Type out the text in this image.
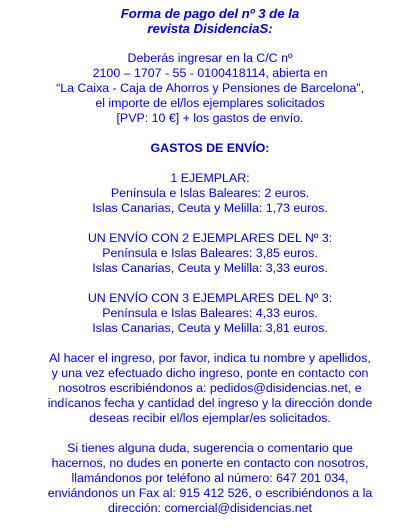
Forma de pago del nº 3 de la
revista DisidenciaS:
Deberás ingresar en la C/C nº
2100 – 1707 - 55 - 0100418114, abierta en
“La Caixa - Caja de Ahorros y Pensiones de Barcelona”,
el importe de el/los ejemplares solicitados
[PVP: 10 €] + los gastos de envío.
GASTOS DE ENVÍO:
1 EJEMPLAR:
Península e Islas Baleares: 2 euros.
Islas Canarias, Ceuta y Melilla: 1,73 euros.
UN ENVÍO CON 2 EJEMPLARES DEL Nº 3:
Península e Islas Baleares: 3,85 euros.
Islas Canarias, Ceuta y Melilla: 3,33 euros.
UN ENVÍO CON 3 EJEMPLARES DEL Nº 3:
Península e Islas Baleares: 4,33 euros.
Islas Canarias, Ceuta y Melilla: 3,81 euros.
Al hacer el ingreso, por favor, indica tu nombre y apellidos,
y una vez efectuado dicho ingreso, ponte en contacto con
nosotros escribiéndonos a: pedidos@disidencias.net, e
indícanos fecha y cantidad del ingreso y la dirección donde
deseas recibir el/los ejemplar/es solicitados.
Si tienes alguna duda, sugerencia o comentario que
hacernos, no dudes en ponerte en contacto con nosotros,
llamándonos por teléfono al número: 647 201 034,
enviándonos un Fax al: 915 412 526, o escribiéndonos a la
dirección: comercial@disidencias.net
